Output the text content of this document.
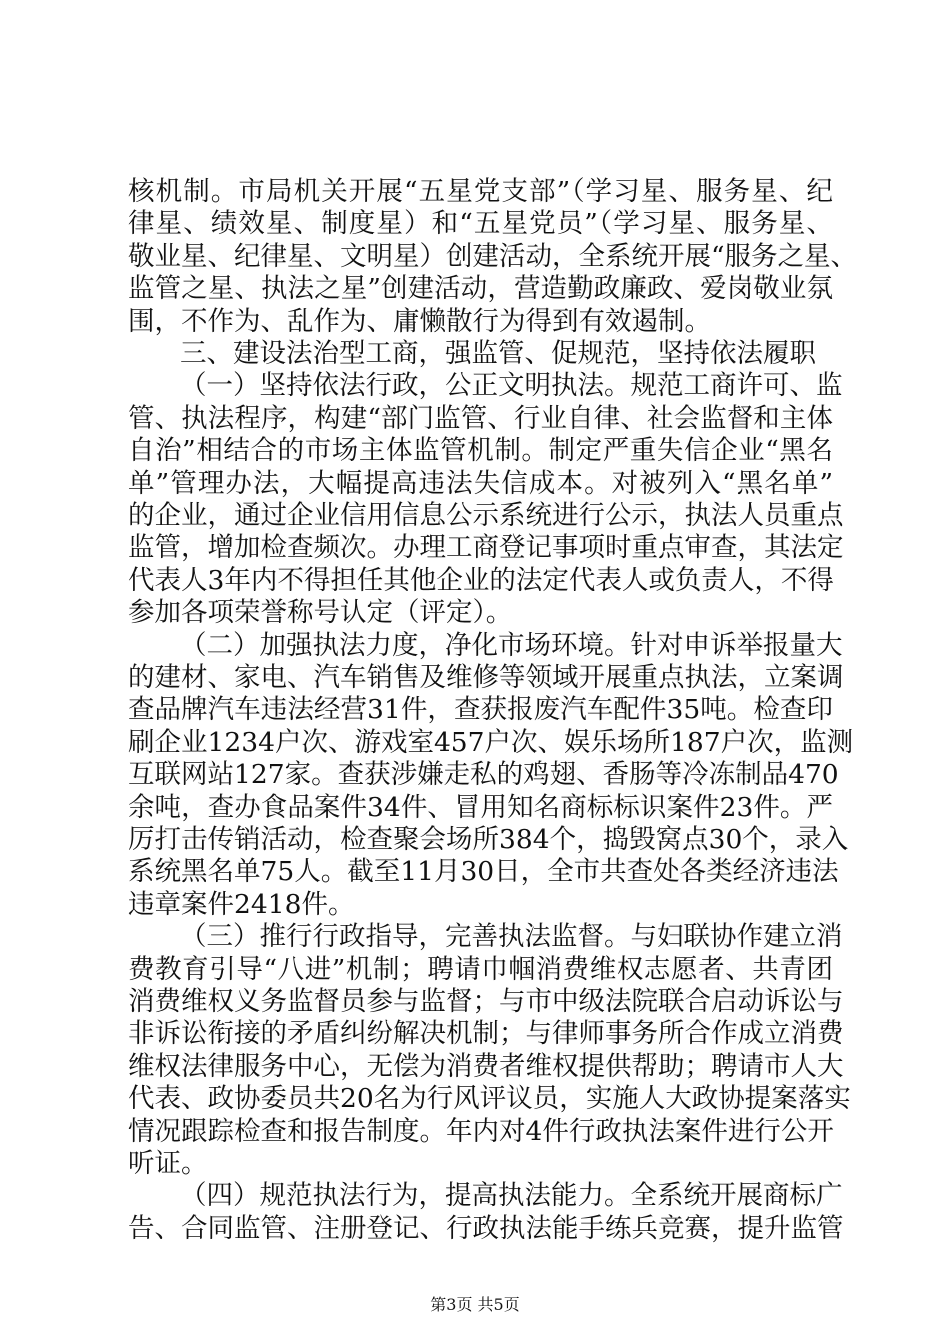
核机制。市局机关开展“五星党支部”（学习星、服务星、纪
律星、绩效星、制度星）和“五星党员”（学习星、服务星、
敬业星、纪律星、文明星）创建活动，全系统开展“服务之星、
监管之星、执法之星”创建活动，营造勤政廉政、爱岗敬业氛
围，不作为、乱作为、庸懒散行为得到有效遏制。
三、建设法治型工商，强监管、促规范，坚持依法履职
（一）坚持依法行政，公正文明执法。规范工商许可、监
管、执法程序，构建“部门监管、行业自律、社会监督和主体
自治”相结合的市场主体监管机制。制定严重失信企业“黑名
单”管理办法，大幅提高违法失信成本。对被列入“黑名单”
的企业，通过企业信用信息公示系统进行公示，执法人员重点
监管，增加检查频次。办理工商登记事项时重点审查，其法定
代表人3年内不得担任其他企业的法定代表人或负责人，不得
参加各项荣誉称号认定（评定）。
（二）加强执法力度，净化市场环境。针对申诉举报量大
的建材、家电、汽车销售及维修等领域开展重点执法，立案调
查品牌汽车违法经营31件，查获报废汽车配件35吨。检查印
刷企业1234户次、游戏室457户次、娱乐场所187户次，监测
互联网站127家。查获涉嫌走私的鸡翅、香肠等冷冻制品470
余吨，查办食品案件34件、冒用知名商标标识案件23件。严
厉打击传销活动，检查聚会场所384个，捣毁窝点30个，录入
系统黑名单75人。截至11月30日，全市共查处各类经济违法
违章案件2418件。
（三）推行行政指导，完善执法监督。与妇联协作建立消
费教育引导“八进”机制；聘请巾帼消费维权志愿者、共青团
消费维权义务监督员参与监督；与市中级法院联合启动诉讼与
非诉讼衔接的矛盾纠纷解决机制；与律师事务所合作成立消费
维权法律服务中心，无偿为消费者维权提供帮助；聘请市人大
代表、政协委员共20名为行风评议员，实施人大政协提案落实
情况跟踪检查和报告制度。年内对4件行政执法案件进行公开
听证。
第3页 共5页
（四）规范执法行为，提高执法能力。全系统开展商标广
告、合同监管、注册登记、行政执法能手练兵竞赛，提升监管
